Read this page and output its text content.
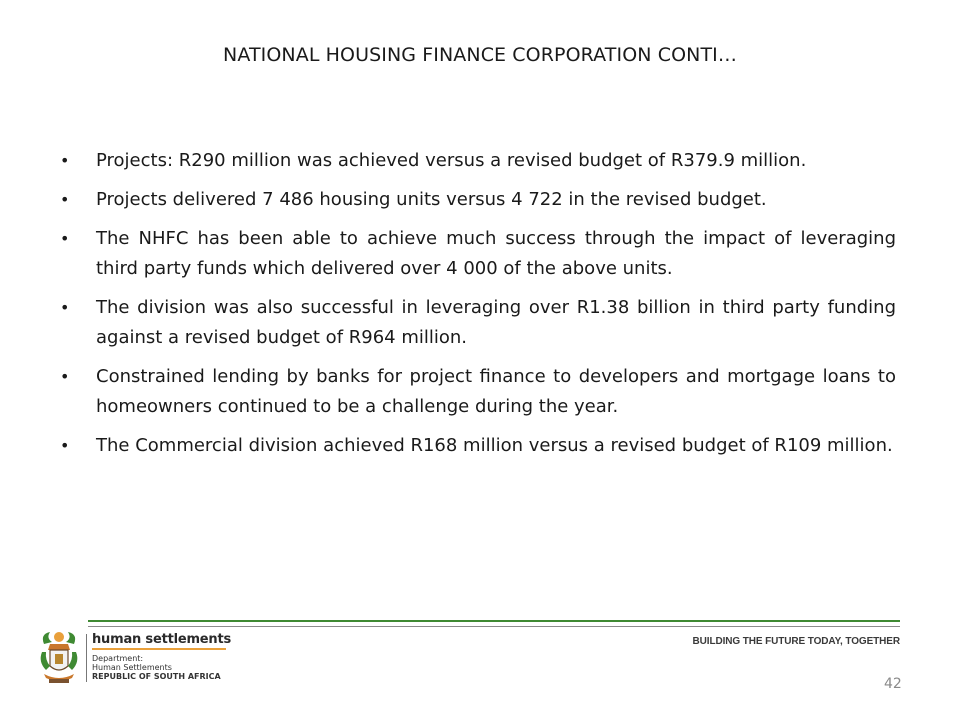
NATIONAL HOUSING FINANCE CORPORATION CONTI…
• Projects: R290 million was achieved versus a revised budget of R379.9 million.
• Projects delivered 7 486 housing units versus 4 722 in the revised budget.
• The NHFC has been able to achieve much success through the impact of leveraging third party funds which delivered over 4 000 of the above units.
• The division was also successful in leveraging over R1.38 billion in third party funding against a revised budget of R964 million.
• Constrained lending by banks for project finance to developers and mortgage loans to homeowners continued to be a challenge during the year.
• The Commercial division achieved R168 million versus a revised budget of R109 million.
human settlements
Department:
Human Settlements
REPUBLIC OF SOUTH AFRICA
BUILDING THE FUTURE TODAY, TOGETHER
42
